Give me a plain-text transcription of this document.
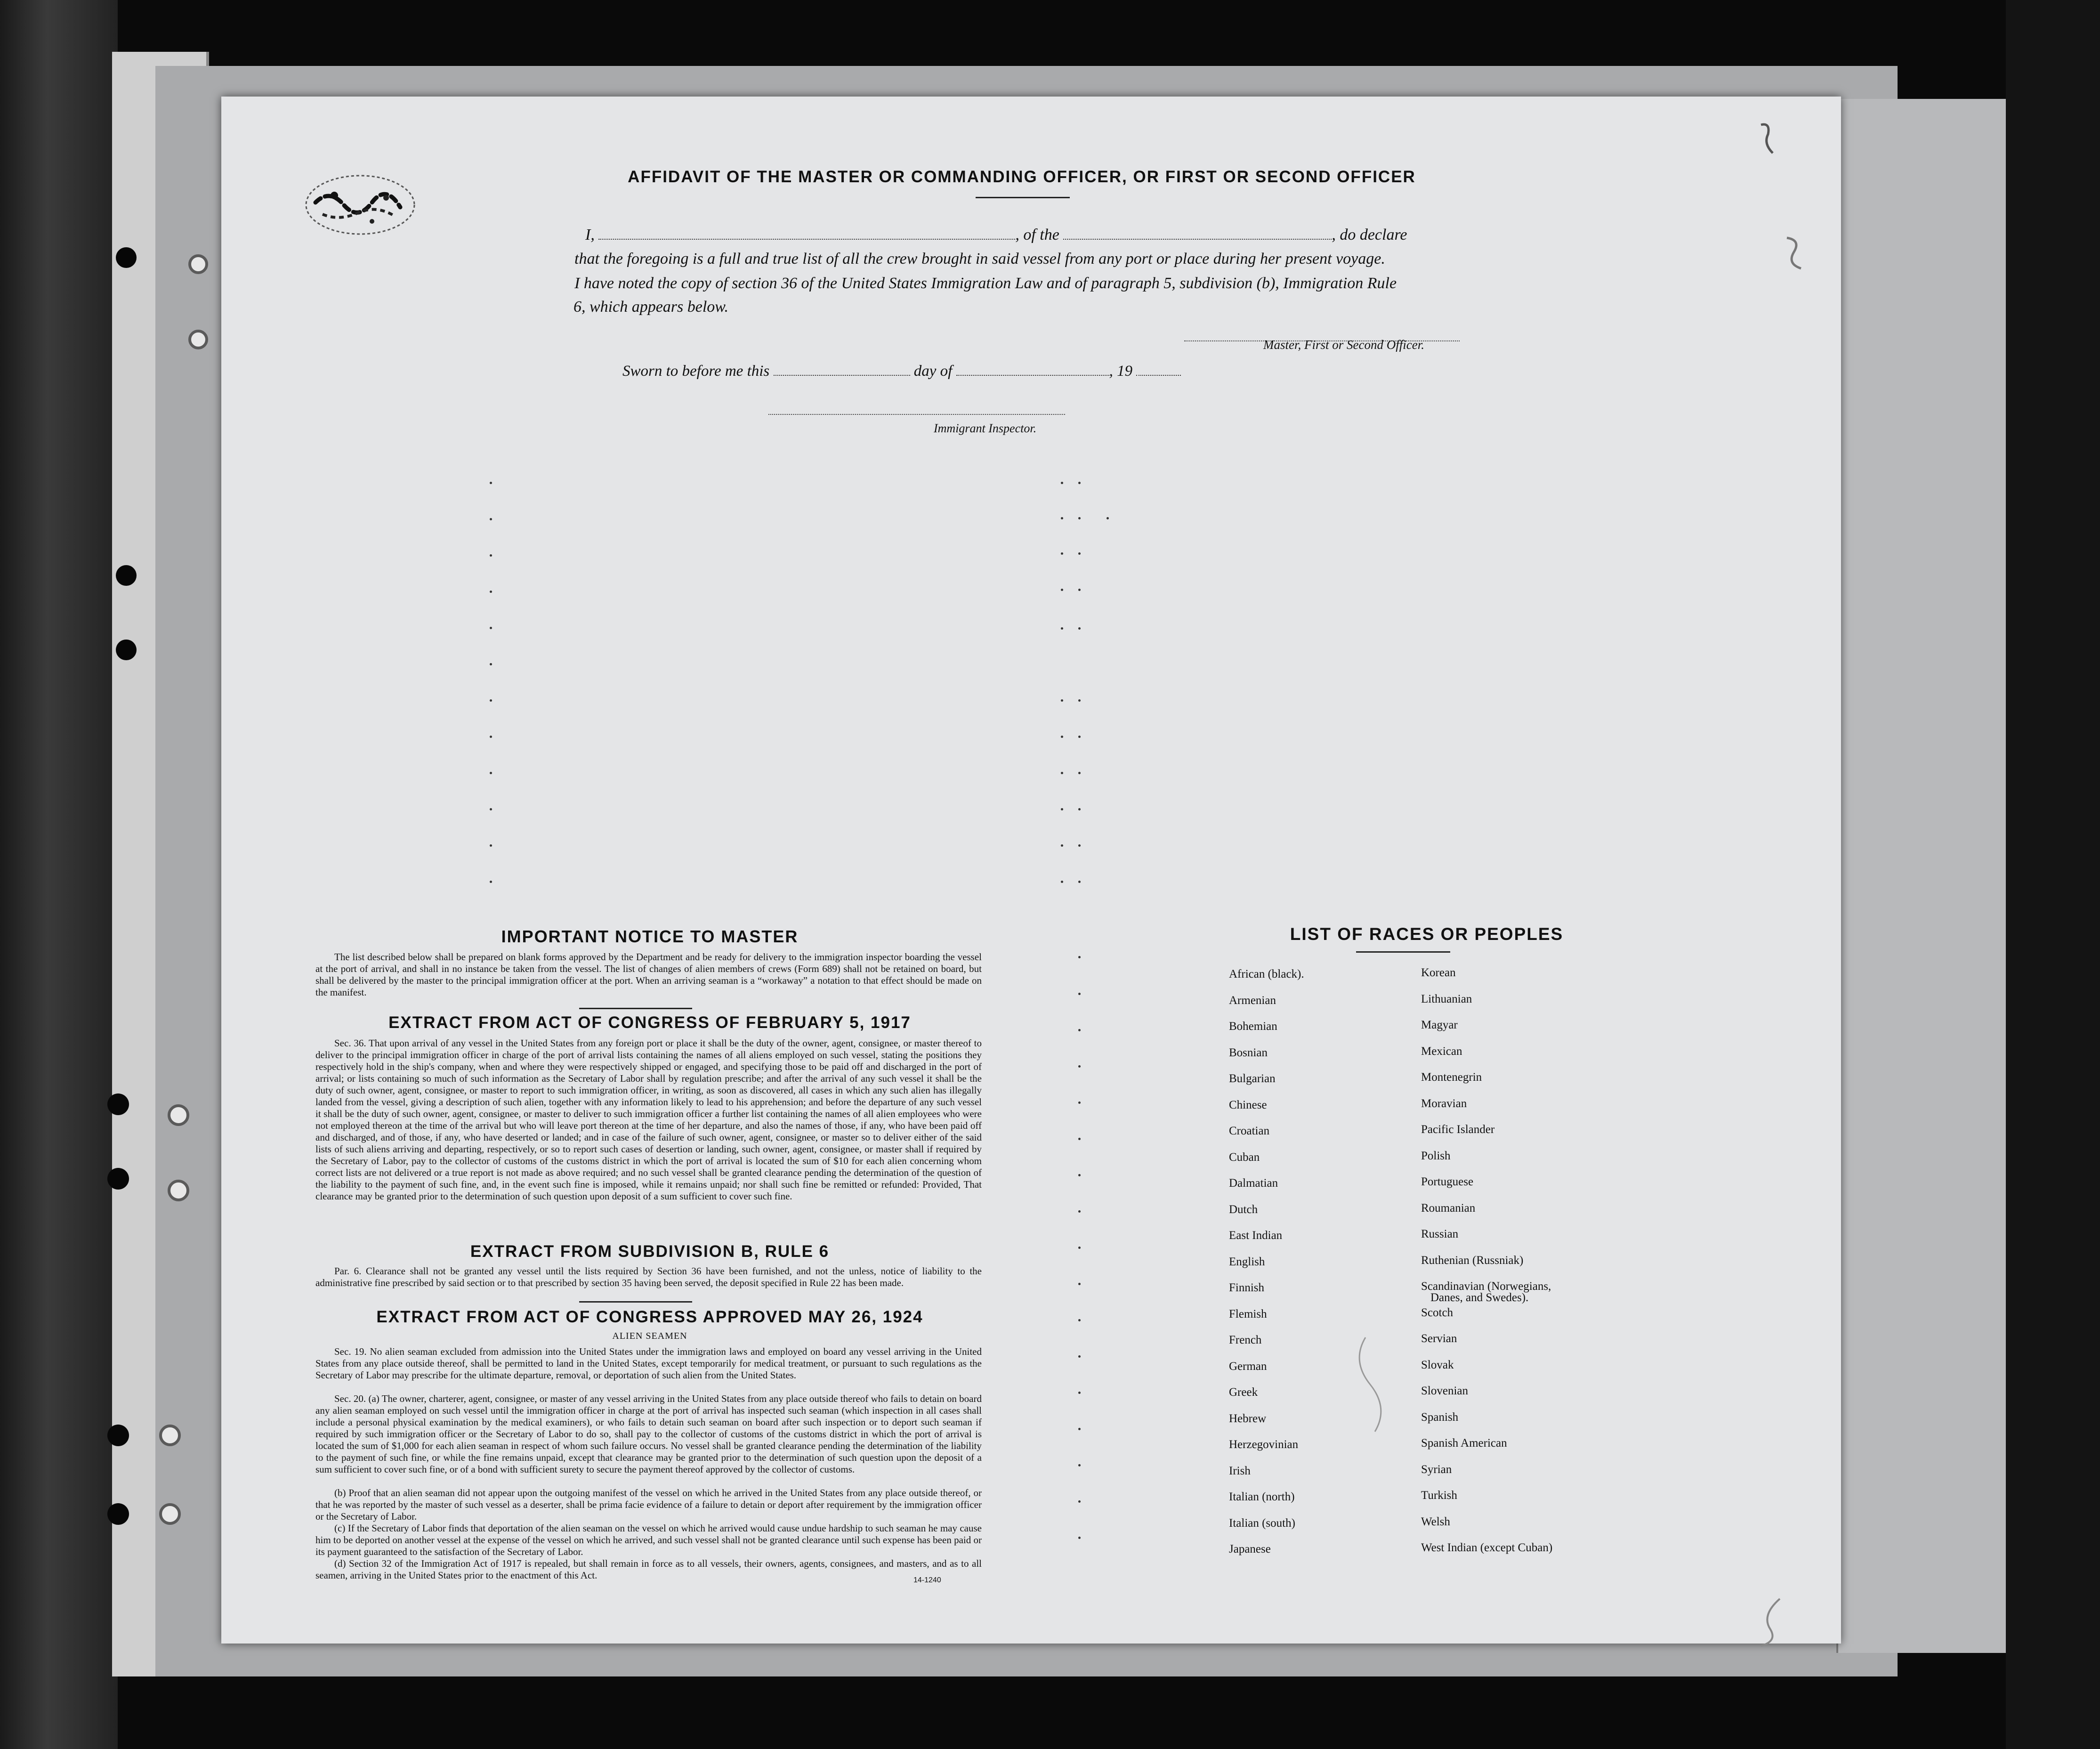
AFFIDAVIT OF THE MASTER OR COMMANDING OFFICER, OR FIRST OR SECOND OFFICER
I,	, of the	, do declare
that the foregoing is a full and true list of all the crew brought in said vessel from any port or place during her present voyage.
I have noted the copy of section 36 of the United States Immigration Law and of paragraph 5, subdivision (b), Immigration Rule
6, which appears below.
Master, First or Second Officer.
Sworn to before me this	day of	, 19
Immigrant Inspector.
IMPORTANT NOTICE TO MASTER
The list described below shall be prepared on blank forms approved by the Department and be ready for delivery to the immigration inspector boarding the vessel at the port of arrival, and shall in no instance be taken from the vessel. The list of changes of alien members of crews (Form 689) shall not be retained on board, but shall be delivered by the master to the principal immigration officer at the port. When an arriving seaman is a “workaway” a notation to that effect should be made on the manifest.
EXTRACT FROM ACT OF CONGRESS OF FEBRUARY 5, 1917
Sec. 36. That upon arrival of any vessel in the United States from any foreign port or place it shall be the duty of the owner, agent, consignee, or master thereof to deliver to the principal immigration officer in charge of the port of arrival lists containing the names of all aliens employed on such vessel, stating the positions they respectively hold in the ship's company, when and where they were respectively shipped or engaged, and specifying those to be paid off and discharged in the port of arrival; or lists containing so much of such information as the Secretary of Labor shall by regulation prescribe; and after the arrival of any such vessel it shall be the duty of such owner, agent, consignee, or master to report to such immigration officer, in writing, as soon as discovered, all cases in which any such alien has illegally landed from the vessel, giving a description of such alien, together with any information likely to lead to his apprehension; and before the departure of any such vessel it shall be the duty of such owner, agent, consignee, or master to deliver to such immigration officer a further list containing the names of all alien employees who were not employed thereon at the time of the arrival but who will leave port thereon at the time of her departure, and also the names of those, if any, who have been paid off and discharged, and of those, if any, who have deserted or landed; and in case of the failure of such owner, agent, consignee, or master so to deliver either of the said lists of such aliens arriving and departing, respectively, or so to report such cases of desertion or landing, such owner, agent, consignee, or master shall if required by the Secretary of Labor, pay to the collector of customs of the customs district in which the port of arrival is located the sum of $10 for each alien concerning whom correct lists are not delivered or a true report is not made as above required; and no such vessel shall be granted clearance pending the determination of the question of the liability to the payment of such fine, and, in the event such fine is imposed, while it remains unpaid; nor shall such fine be remitted or refunded: Provided, That clearance may be granted prior to the determination of such question upon deposit of a sum sufficient to cover such fine.
EXTRACT FROM SUBDIVISION B, RULE 6
Par. 6. Clearance shall not be granted any vessel until the lists required by Section 36 have been furnished, and not the unless, notice of liability to the administrative fine prescribed by said section or to that prescribed by section 35 having been served, the deposit specified in Rule 22 has been made.
EXTRACT FROM ACT OF CONGRESS APPROVED MAY 26, 1924
ALIEN SEAMEN
Sec. 19. No alien seaman excluded from admission into the United States under the immigration laws and employed on board any vessel arriving in the United States from any place outside thereof, shall be permitted to land in the United States, except temporarily for medical treatment, or pursuant to such regulations as the Secretary of Labor may prescribe for the ultimate departure, removal, or deportation of such alien from the United States.
Sec. 20. (a) The owner, charterer, agent, consignee, or master of any vessel arriving in the United States from any place outside thereof who fails to detain on board any alien seaman employed on such vessel until the immigration officer in charge at the port of arrival has inspected such seaman (which inspection in all cases shall include a personal physical examination by the medical examiners), or who fails to detain such seaman on board after such inspection or to deport such seaman if required by such immigration officer or the Secretary of Labor to do so, shall pay to the collector of customs of the customs district in which the port of arrival is located the sum of $1,000 for each alien seaman in respect of whom such failure occurs. No vessel shall be granted clearance pending the determination of the liability to the payment of such fine, or while the fine remains unpaid, except that clearance may be granted prior to the determination of such question upon the deposit of a sum sufficient to cover such fine, or of a bond with sufficient surety to secure the payment thereof approved by the collector of customs.
(b) Proof that an alien seaman did not appear upon the outgoing manifest of the vessel on which he arrived in the United States from any place outside thereof, or that he was reported by the master of such vessel as a deserter, shall be prima facie evidence of a failure to detain or deport after requirement by the immigration officer or the Secretary of Labor.
(c) If the Secretary of Labor finds that deportation of the alien seaman on the vessel on which he arrived would cause undue hardship to such seaman he may cause him to be deported on another vessel at the expense of the vessel on which he arrived, and such vessel shall not be granted clearance until such expense has been paid or its payment guaranteed to the satisfaction of the Secretary of Labor.
(d) Section 32 of the Immigration Act of 1917 is repealed, but shall remain in force as to all vessels, their owners, agents, consignees, and masters, and as to all seamen, arriving in the United States prior to the enactment of this Act.	14-1240
LIST OF RACES OR PEOPLES
African (black).
Armenian
Bohemian
Bosnian
Bulgarian
Chinese
Croatian
Cuban
Dalmatian
Dutch
East Indian
English
Finnish
Flemish
French
German
Greek
Hebrew
Herzegovinian
Irish
Italian (north)
Italian (south)
Japanese
Korean
Lithuanian
Magyar
Mexican
Montenegrin
Moravian
Pacific Islander
Polish
Portuguese
Roumanian
Russian
Ruthenian (Russniak)
Scandinavian (Norwegians,
Danes, and Swedes).
Scotch
Servian
Slovak
Slovenian
Spanish
Spanish American
Syrian
Turkish
Welsh
West Indian (except Cuban)
